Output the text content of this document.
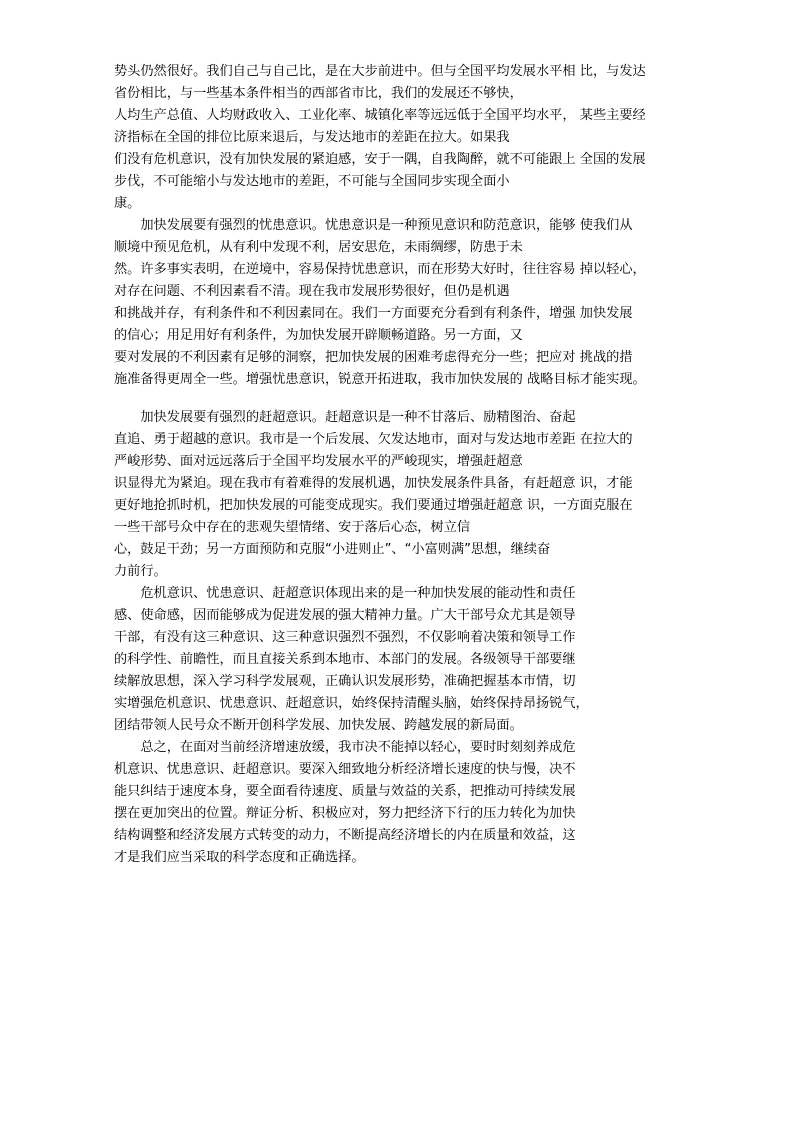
势头仍然很好。我们自己与自己比，是在大步前进中。但与全国平均发展水平相 比，与发达
省份相比，与一些基本条件相当的西部省市比，我们的发展还不够快，
人均生产总值、人均财政收入、工业化率、城镇化率等远远低于全国平均水平， 某些主要经
济指标在全国的排位比原来退后，与发达地市的差距在拉大。如果我
们没有危机意识，没有加快发展的紧迫感，安于一隅，自我陶醉，就不可能跟上 全国的发展
步伐，不可能缩小与发达地市的差距，不可能与全国同步实现全面小
康。
　　加快发展要有强烈的忧患意识。忧患意识是一种预见意识和防范意识，能够 使我们从
顺境中预见危机，从有利中发现不利，居安思危，未雨绸缪，防患于未
然。许多事实表明，在逆境中，容易保持忧患意识，而在形势大好时，往往容易 掉以轻心，
对存在问题、不利因素看不清。现在我市发展形势很好，但仍是机遇
和挑战并存，有利条件和不利因素同在。我们一方面要充分看到有利条件，增强 加快发展
的信心；用足用好有利条件，为加快发展开辟顺畅道路。另一方面，又
要对发展的不利因素有足够的洞察，把加快发展的困难考虑得充分一些；把应对 挑战的措
施准备得更周全一些。增强忧患意识，锐意开拓进取，我市加快发展的 战略目标才能实现。
　　加快发展要有强烈的赶超意识。赶超意识是一种不甘落后、励精图治、奋起
直追、勇于超越的意识。我市是一个后发展、欠发达地市，面对与发达地市差距 在拉大的
严峻形势、面对远远落后于全国平均发展水平的严峻现实，增强赶超意
识显得尤为紧迫。现在我市有着难得的发展机遇，加快发展条件具备，有赶超意 识，才能
更好地抢抓时机，把加快发展的可能变成现实。我们要通过增强赶超意 识，一方面克服在
一些干部号众中存在的悲观失望情绪、安于落后心态，树立信
心，鼓足干劲；另一方面预防和克服“小进则止”、“小富则满”思想，继续奋
力前行。
　　危机意识、忧患意识、赶超意识体现出来的是一种加快发展的能动性和责任
感、使命感，因而能够成为促进发展的强大精神力量。广大干部号众尤其是领导
干部，有没有这三种意识、这三种意识强烈不强烈，不仅影响着决策和领导工作
的科学性、前瞻性，而且直接关系到本地市、本部门的发展。各级领导干部要继
续解放思想，深入学习科学发展观，正确认识发展形势，准确把握基本市情，切
实增强危机意识、忧患意识、赶超意识，始终保持清醒头脑，始终保持昂扬锐气，
团结带领人民号众不断开创科学发展、加快发展、跨越发展的新局面。
　　总之，在面对当前经济增速放缓，我市决不能掉以轻心，要时时刻刻养成危
机意识、忧患意识、赶超意识。要深入细致地分析经济增长速度的快与慢，决不
能只纠结于速度本身，要全面看待速度、质量与效益的关系，把推动可持续发展
摆在更加突出的位置。辩证分析、积极应对，努力把经济下行的压力转化为加快
结构调整和经济发展方式转变的动力，不断提高经济增长的内在质量和效益，这
才是我们应当采取的科学态度和正确选择。
